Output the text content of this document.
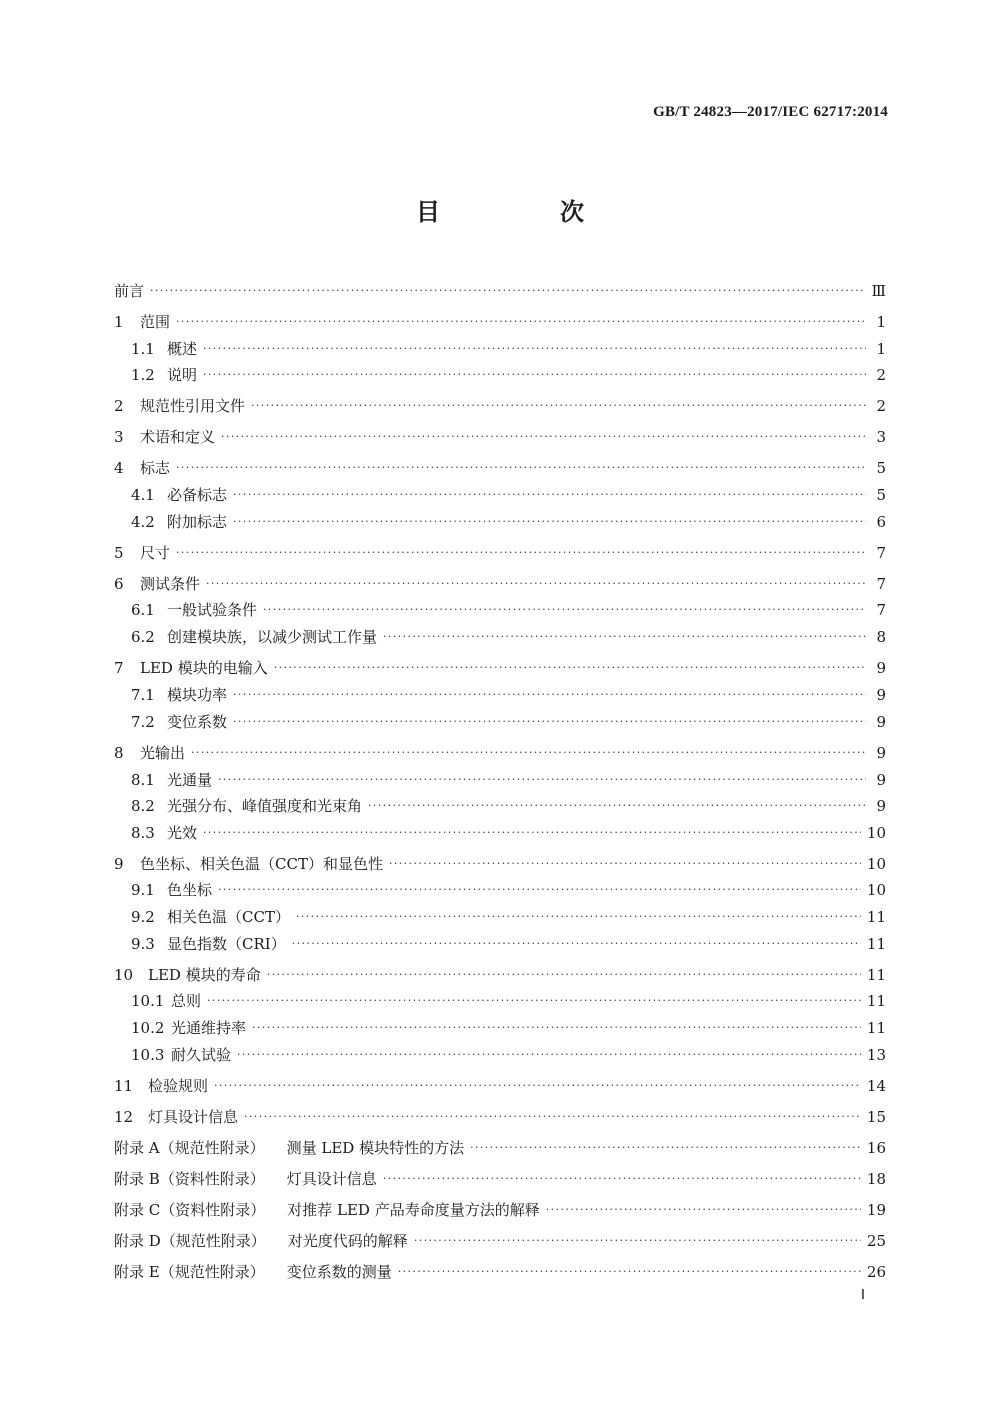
GB/T 24823—2017/IEC 62717:2014
目　次
前言 ·····	Ⅲ
1	范围 ·····	1
1.1 概述 ·····	1
1.2 说明 ·····	2
2	规范性引用文件 ·····	2
3	术语和定义 ·····	3
4	标志 ·····	5
4.1 必备标志 ·····	5
4.2 附加标志 ·····	6
5	尺寸 ·····	7
6	测试条件 ·····	7
6.1 一般试验条件 ·····	7
6.2 创建模块族，以减少测试工作量 ·····	8
7	LED 模块的电输入 ·····	9
7.1 模块功率 ·····	9
7.2 变位系数 ·····	9
8	光输出 ·····	9
8.1 光通量 ·····	9
8.2 光强分布、峰值强度和光束角 ·····	9
8.3 光效 ·····	10
9	色坐标、相关色温（CCT）和显色性 ·····	10
9.1 色坐标 ·····	10
9.2 相关色温（CCT） ·····	11
9.3 显色指数（CRI） ·····	11
10 LED 模块的寿命 ·····	11
10.1 总则 ·····	11
10.2 光通维持率 ·····	11
10.3 耐久试验 ·····	13
11 检验规则 ·····	14
12 灯具设计信息 ·····	15
附录 A（规范性附录）	测量 LED 模块特性的方法 ·····	16
附录 B（资料性附录）	灯具设计信息 ·····	18
附录 C（资料性附录）	对推荐 LED 产品寿命度量方法的解释 ·····	19
附录 D（规范性附录）	对光度代码的解释 ·····	25
附录 E（规范性附录）	变位系数的测量 ·····	26
Ⅰ
